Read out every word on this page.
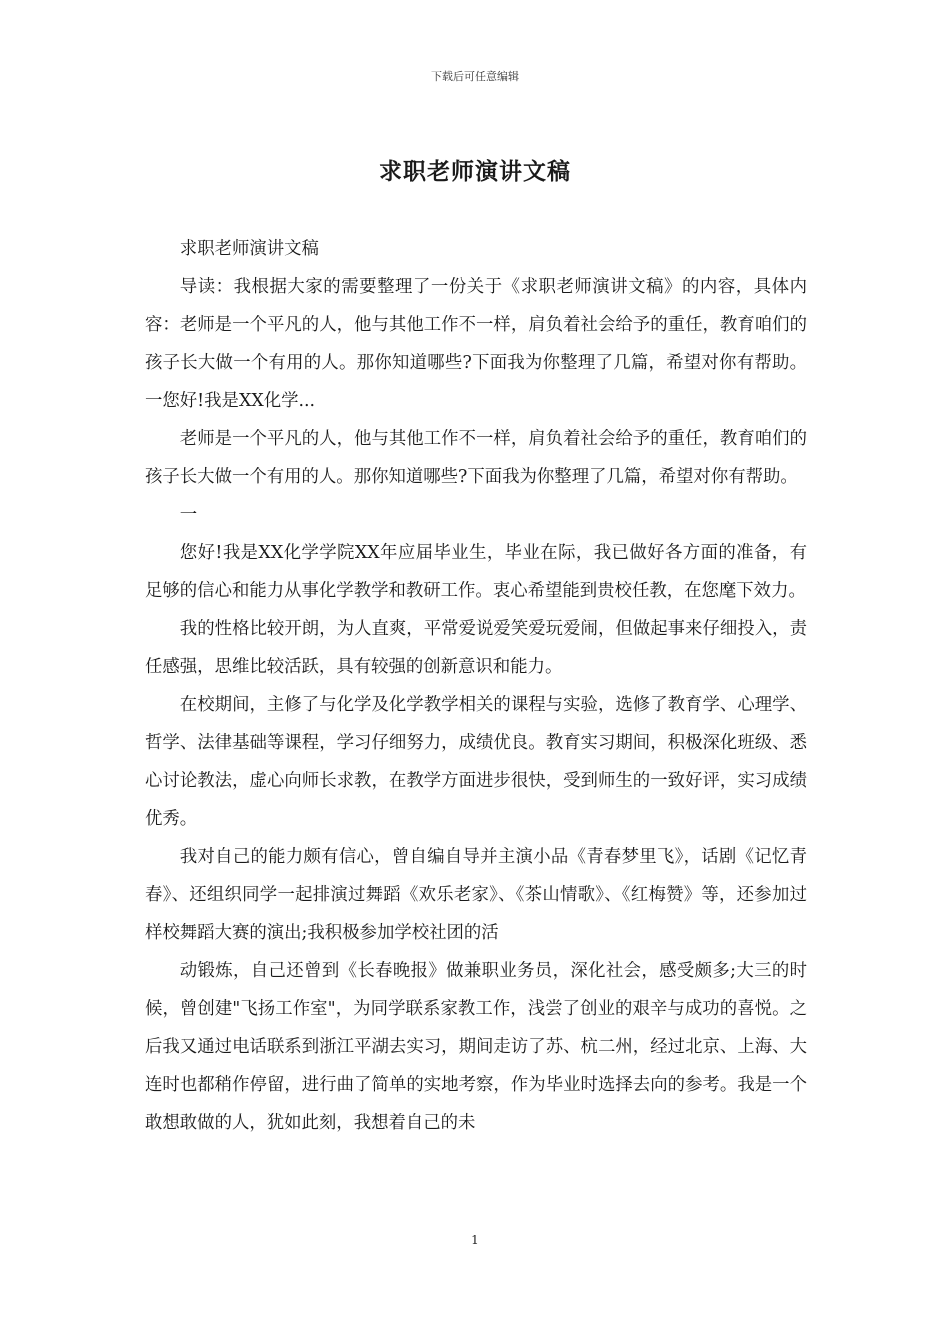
下载后可任意编辑
求职老师演讲文稿

求职老师演讲文稿

导读：我根据大家的需要整理了一份关于《求职老师演讲文稿》的内容，具体内容：老师是一个平凡的人，他与其他工作不一样，肩负着社会给予的重任，教育咱们的孩子长大做一个有用的人。那你知道哪些?下面我为你整理了几篇，希望对你有帮助。一您好!我是XX化学...

老师是一个平凡的人，他与其他工作不一样，肩负着社会给予的重任，教育咱们的孩子长大做一个有用的人。那你知道哪些?下面我为你整理了几篇，希望对你有帮助。

一

您好!我是XX化学学院XX年应届毕业生，毕业在际，我已做好各方面的准备，有足够的信心和能力从事化学教学和教研工作。衷心希望能到贵校任教，在您麾下效力。

我的性格比较开朗，为人直爽，平常爱说爱笑爱玩爱闹，但做起事来仔细投入，责任感强，思维比较活跃，具有较强的创新意识和能力。

在校期间，主修了与化学及化学教学相关的课程与实验，选修了教育学、心理学、哲学、法律基础等课程，学习仔细努力，成绩优良。教育实习期间，积极深化班级、悉心讨论教法，虚心向师长求教，在教学方面进步很快，受到师生的一致好评，实习成绩优秀。

我对自己的能力颇有信心，曾自编自导并主演小品《青春梦里飞》，话剧《记忆青春》、还组织同学一起排演过舞蹈《欢乐老家》、《茶山情歌》、《红梅赞》等，还参加过样校舞蹈大赛的演出;我积极参加学校社团的活

动锻炼，自己还曾到《长春晚报》做兼职业务员，深化社会，感受颇多;大三的时候，曾创建"飞扬工作室"，为同学联系家教工作，浅尝了创业的艰辛与成功的喜悦。之后我又通过电话联系到浙江平湖去实习，期间走访了苏、杭二州，经过北京、上海、大连时也都稍作停留，进行曲了简单的实地考察，作为毕业时选择去向的参考。我是一个敢想敢做的人，犹如此刻，我想着自己的未

1
